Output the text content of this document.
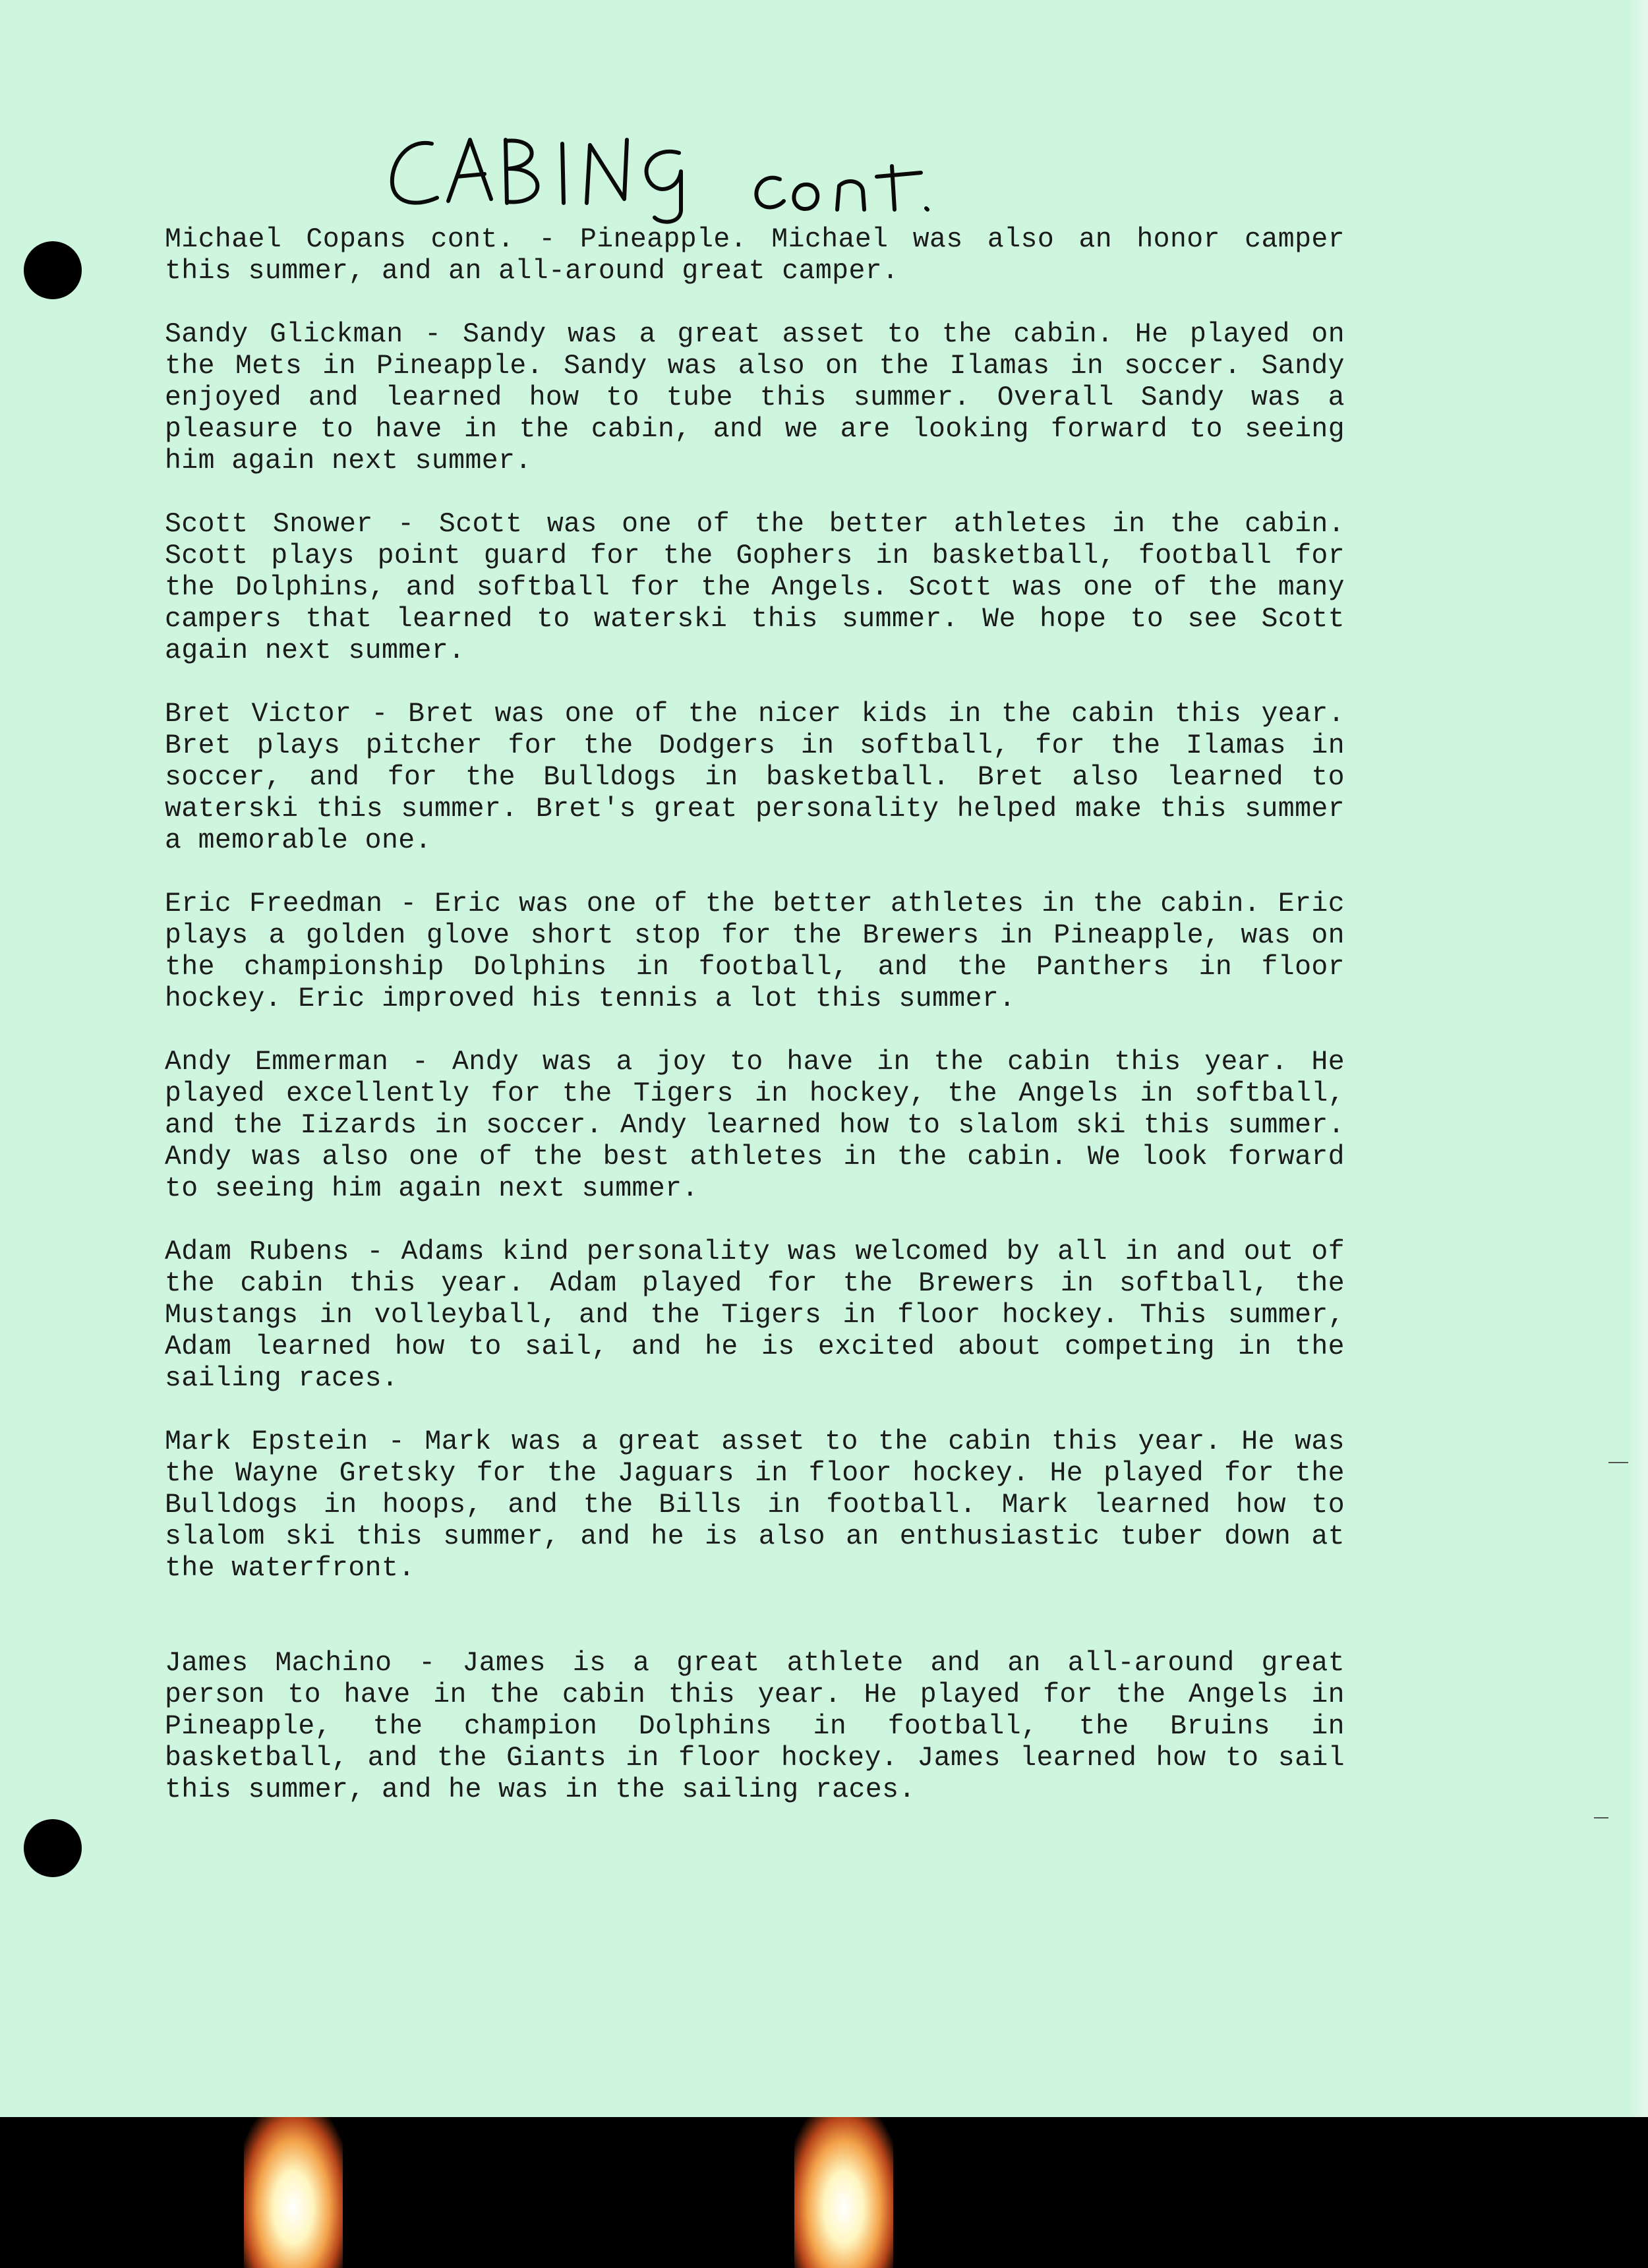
Michael Copans cont. - Pineapple. Michael was also an honor camper this summer, and an all-around great camper.

Sandy Glickman - Sandy was a great asset to the cabin. He played on the Mets in Pineapple. Sandy was also on the Ilamas in soccer. Sandy enjoyed and learned how to tube this summer. Overall Sandy was a pleasure to have in the cabin, and we are looking forward to seeing him again next summer.

Scott Snower - Scott was one of the better athletes in the cabin. Scott plays point guard for the Gophers in basketball, football for the Dolphins, and softball for the Angels. Scott was one of the many campers that learned to waterski this summer. We hope to see Scott again next summer.

Bret Victor - Bret was one of the nicer kids in the cabin this year. Bret plays pitcher for the Dodgers in softball, for the Ilamas in soccer, and for the Bulldogs in basketball. Bret also learned to waterski this summer. Bret's great personality helped make this summer a memorable one.

Eric Freedman - Eric was one of the better athletes in the cabin. Eric plays a golden glove short stop for the Brewers in Pineapple, was on the championship Dolphins in football, and the Panthers in floor hockey. Eric improved his tennis a lot this summer.

Andy Emmerman - Andy was a joy to have in the cabin this year. He played excellently for the Tigers in hockey, the Angels in softball, and the Iizards in soccer. Andy learned how to slalom ski this summer. Andy was also one of the best athletes in the cabin. We look forward to seeing him again next summer.

Adam Rubens - Adams kind personality was welcomed by all in and out of the cabin this year. Adam played for the Brewers in softball, the Mustangs in volleyball, and the Tigers in floor hockey. This summer, Adam learned how to sail, and he is excited about competing in the sailing races.

Mark Epstein - Mark was a great asset to the cabin this year. He was the Wayne Gretsky for the Jaguars in floor hockey. He played for the Bulldogs in hoops, and the Bills in football. Mark learned how to slalom ski this summer, and he is also an enthusiastic tuber down at the waterfront.

James Machino - James is a great athlete and an all-around great person to have in the cabin this year. He played for the Angels in Pineapple, the champion Dolphins in football, the Bruins in basketball, and the Giants in floor hockey. James learned how to sail this summer, and he was in the sailing races.
